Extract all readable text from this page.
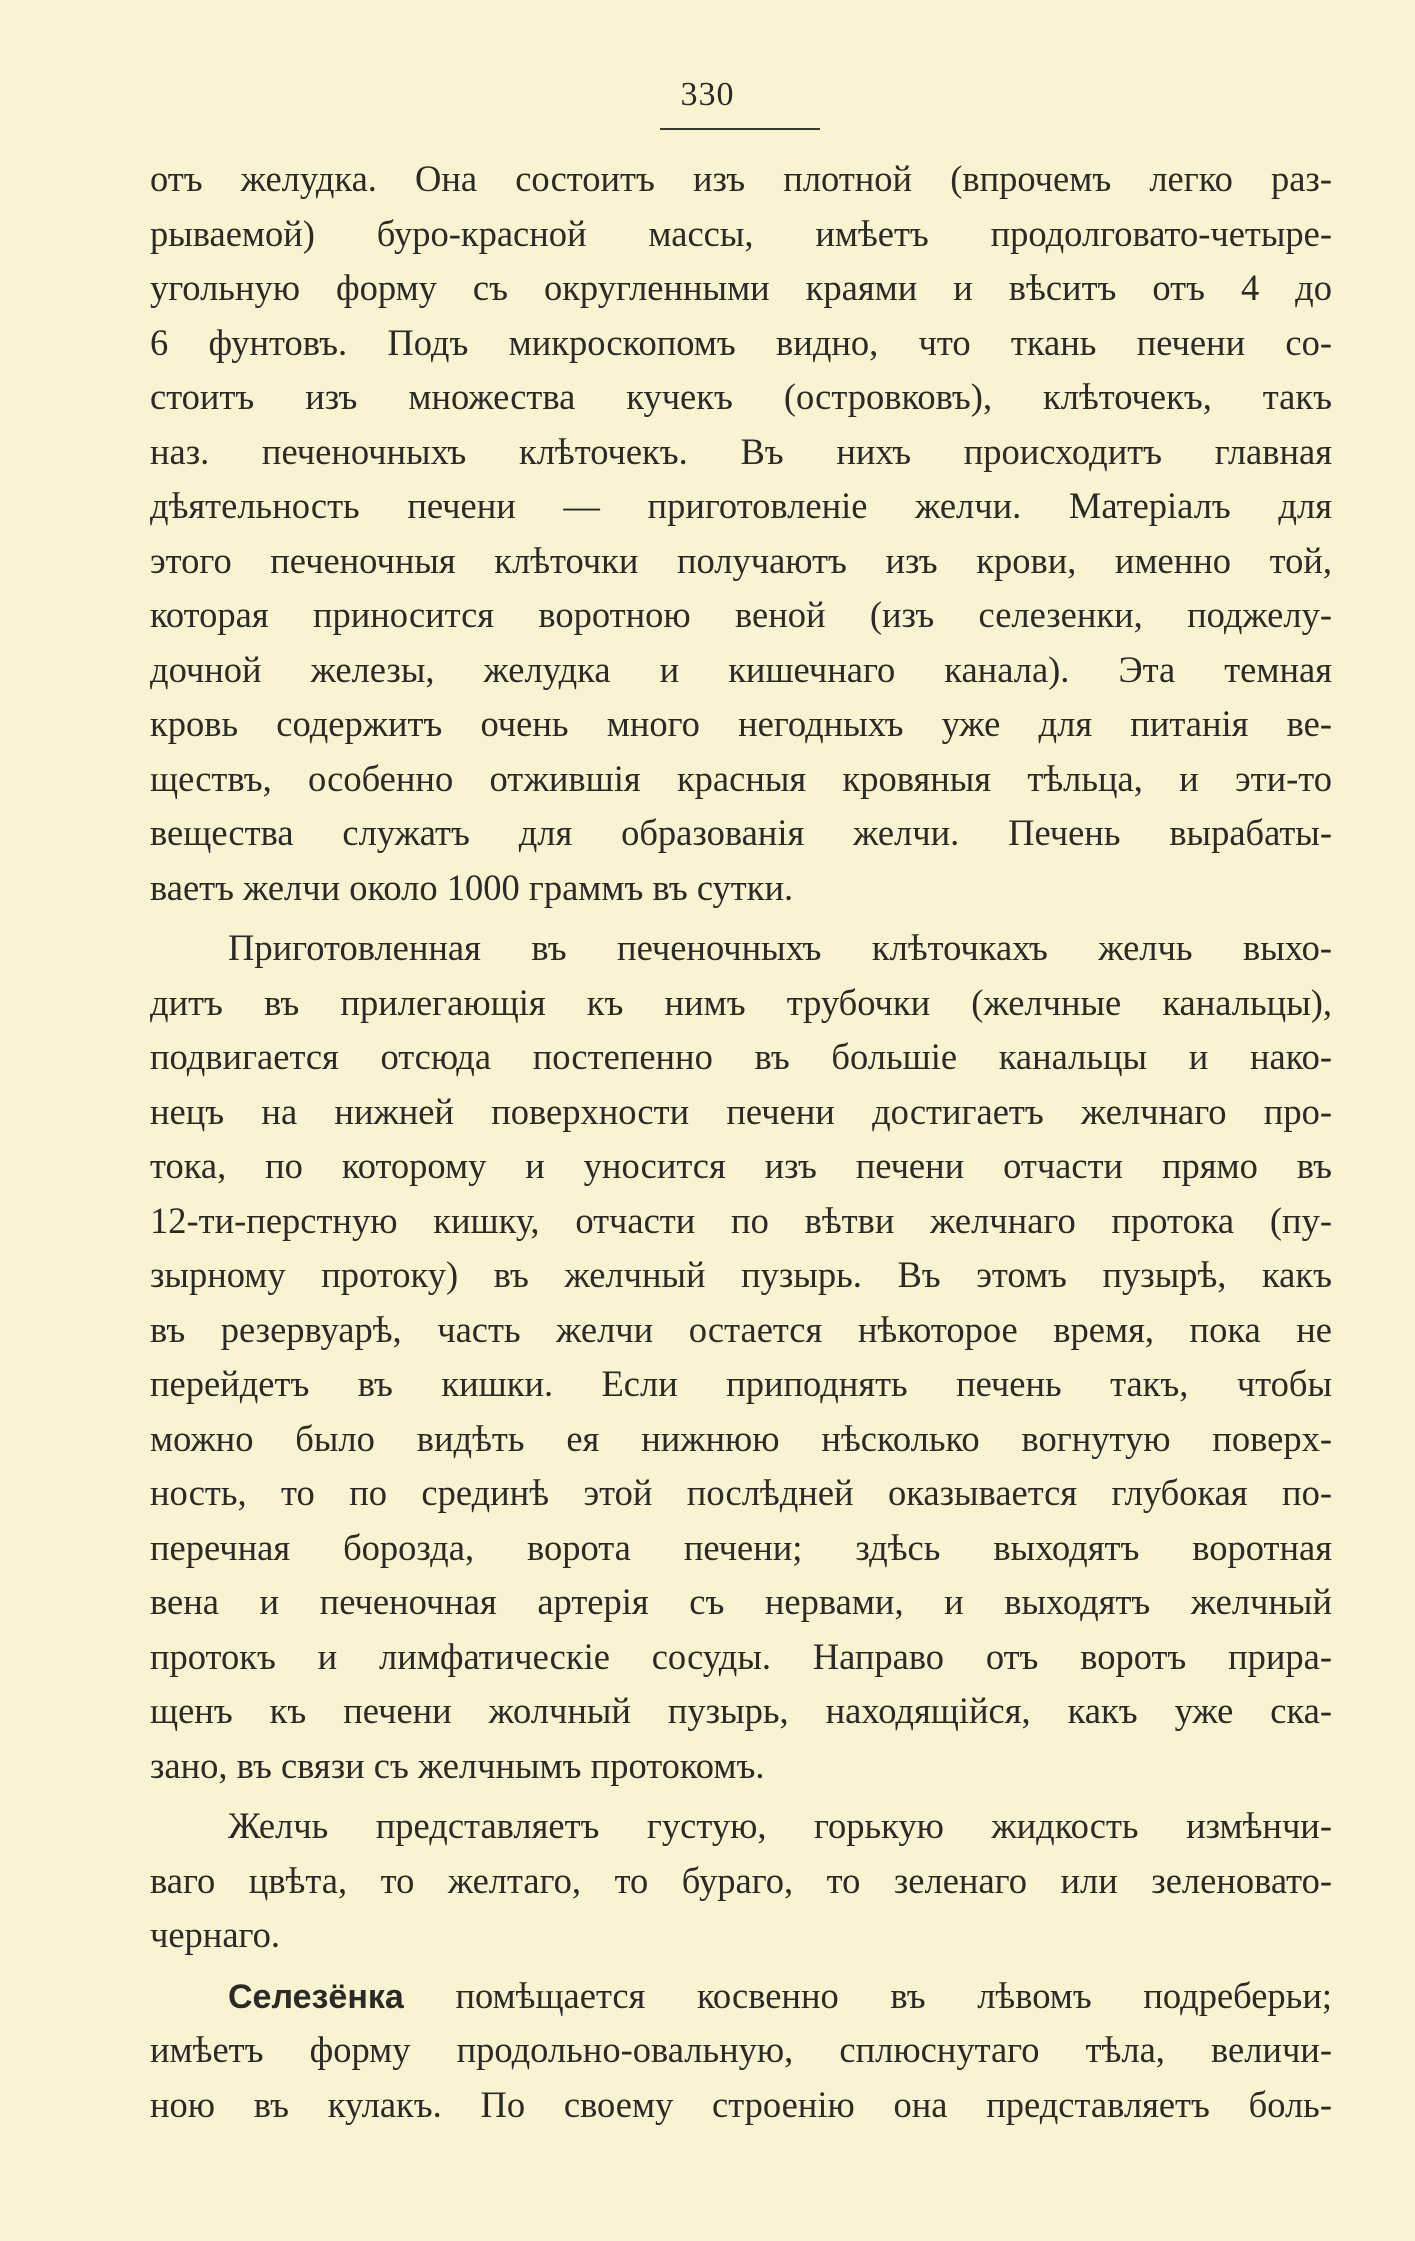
330
отъ желудка. Она состоитъ изъ плотной (впрочемъ легко раз-
рываемой) буро-красной массы, имѣетъ продолговато-четыре-
угольную форму съ округленными краями и вѣситъ отъ 4 до
6 фунтовъ. Подъ микроскопомъ видно, что ткань печени со-
стоитъ изъ множества кучекъ (островковъ), клѣточекъ, такъ
наз. печеночныхъ клѣточекъ. Въ нихъ происходитъ главная
дѣятельность печени — приготовленіе желчи. Матеріалъ для
этого печеночныя клѣточки получаютъ изъ крови, именно той,
которая приносится воротною веной (изъ селезенки, поджелу-
дочной железы, желудка и кишечнаго канала). Эта темная
кровь содержитъ очень много негодныхъ уже для питанія ве-
ществъ, особенно отжившія красныя кровяныя тѣльца, и эти-то
вещества служатъ для образованія желчи. Печень вырабаты-
ваетъ желчи около 1000 граммъ въ сутки.
Приготовленная въ печеночныхъ клѣточкахъ желчь выхо-
дитъ въ прилегающія къ нимъ трубочки (желчные канальцы),
подвигается отсюда постепенно въ большіе канальцы и нако-
нецъ на нижней поверхности печени достигаетъ желчнаго про-
тока, по которому и уносится изъ печени отчасти прямо въ
12-ти-перстную кишку, отчасти по вѣтви желчнаго протока (пу-
зырному протоку) въ желчный пузырь. Въ этомъ пузырѣ, какъ
въ резервуарѣ, часть желчи остается нѣкоторое время, пока не
перейдетъ въ кишки. Если приподнять печень такъ, чтобы
можно было видѣть ея нижнюю нѣсколько вогнутую поверх-
ность, то по срединѣ этой послѣдней оказывается глубокая по-
перечная борозда, ворота печени; здѣсь выходятъ воротная
вена и печеночная артерія съ нервами, и выходятъ желчный
протокъ и лимфатическіе сосуды. Направо отъ воротъ прира-
щенъ къ печени жолчный пузырь, находящійся, какъ уже ска-
зано, въ связи съ желчнымъ протокомъ.
Желчь представляетъ густую, горькую жидкость измѣнчи-
ваго цвѣта, то желтаго, то бураго, то зеленаго или зеленовато-
чернаго.
Селезёнка помѣщается косвенно въ лѣвомъ подреберьи;
имѣетъ форму продольно-овальную, сплюснутаго тѣла, величи-
ною въ кулакъ. По своему строенію она представляетъ боль-
